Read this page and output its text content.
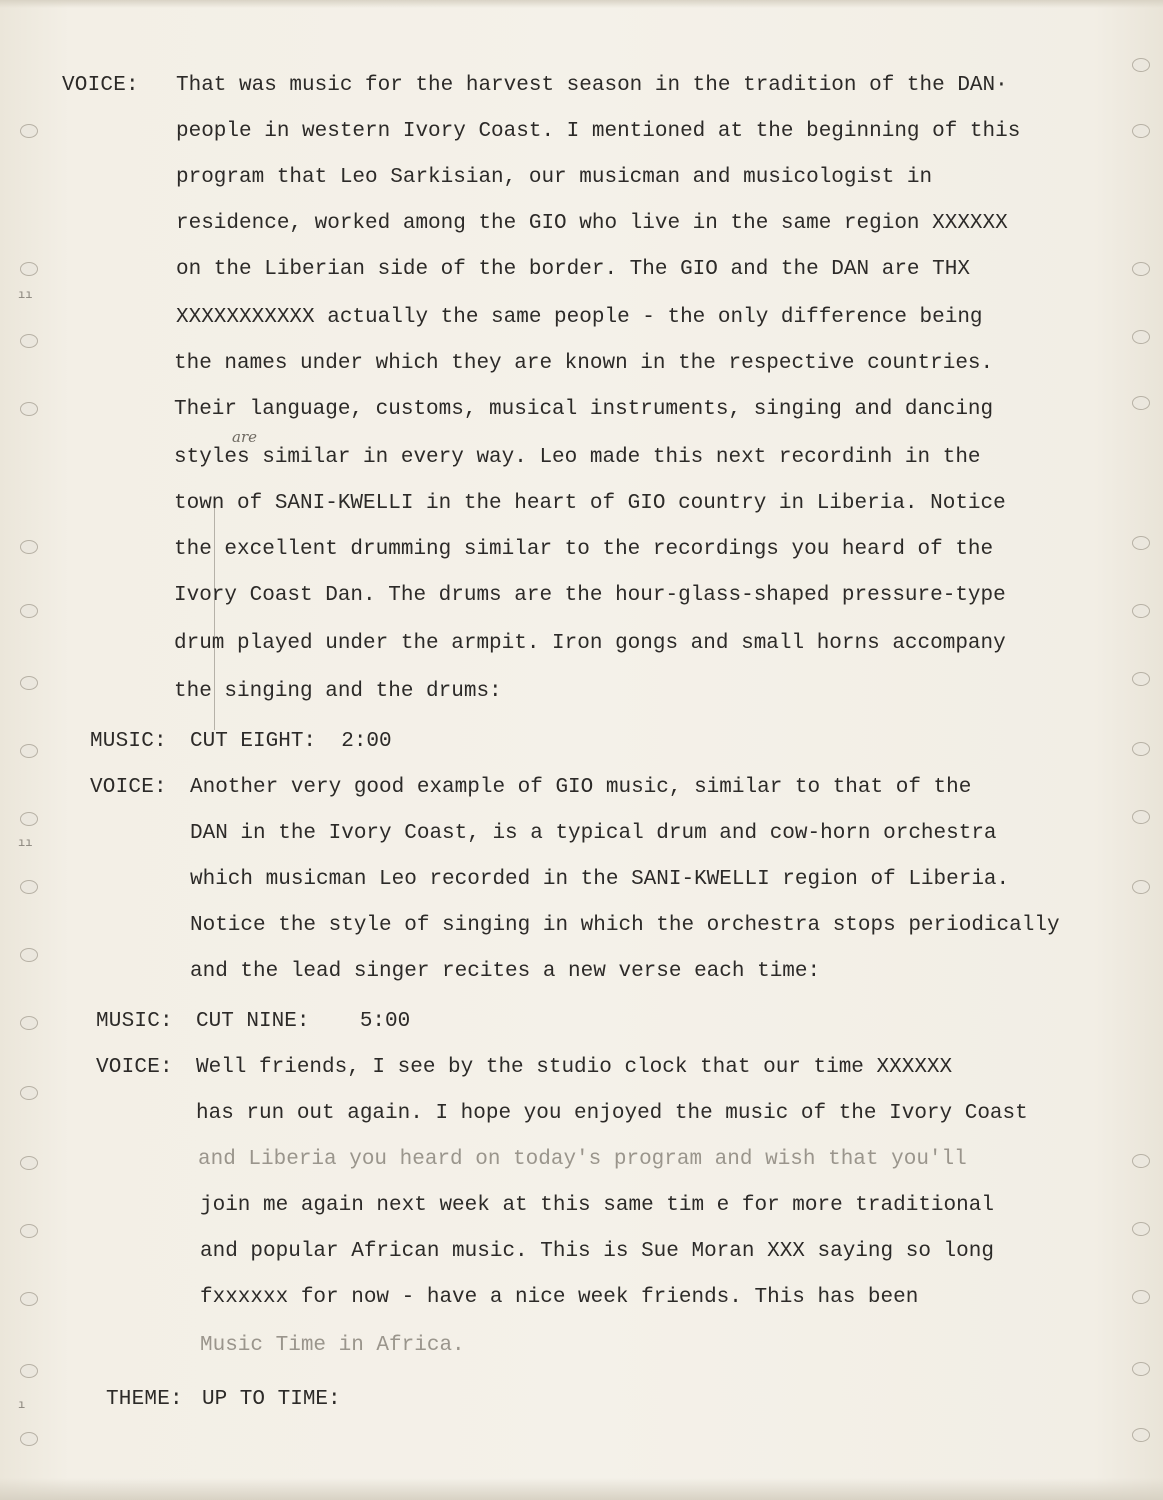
ıı
ıı
ı
are
VOICE: That was music for the harvest season in the tradition of the DAN·
people in western Ivory Coast. I mentioned at the beginning of this
program that Leo Sarkisian, our musicman and musicologist in
residence, worked among the GIO who live in the same region XXXXXX
on the Liberian side of the border. The GIO and the DAN are THX
XXXXXXXXXXX actually the same people - the only difference being
the names under which they are known in the respective countries.
Their language, customs, musical instruments, singing and dancing
styles similar in every way. Leo made this next recordinh in the
town of SANI-KWELLI in the heart of GIO country in Liberia. Notice
the excellent drumming similar to the recordings you heard of the
Ivory Coast Dan. The drums are the hour-glass-shaped pressure-type
drum played under the armpit. Iron gongs and small horns accompany
the singing and the drums:
MUSIC: CUT EIGHT:  2:00
VOICE: Another very good example of GIO music, similar to that of the
DAN in the Ivory Coast, is a typical drum and cow-horn orchestra
which musicman Leo recorded in the SANI-KWELLI region of Liberia.
Notice the style of singing in which the orchestra stops periodically
and the lead singer recites a new verse each time:
MUSIC: CUT NINE:    5:00
VOICE: Well friends, I see by the studio clock that our time XXXXXX
has run out again. I hope you enjoyed the music of the Ivory Coast
and Liberia you heard on today's program and wish that you'll
join me again next week at this same tim e for more traditional
and popular African music. This is Sue Moran XXX saying so long
fxxxxxx for now - have a nice week friends. This has been
Music Time in Africa.
THEME: UP TO TIME:
